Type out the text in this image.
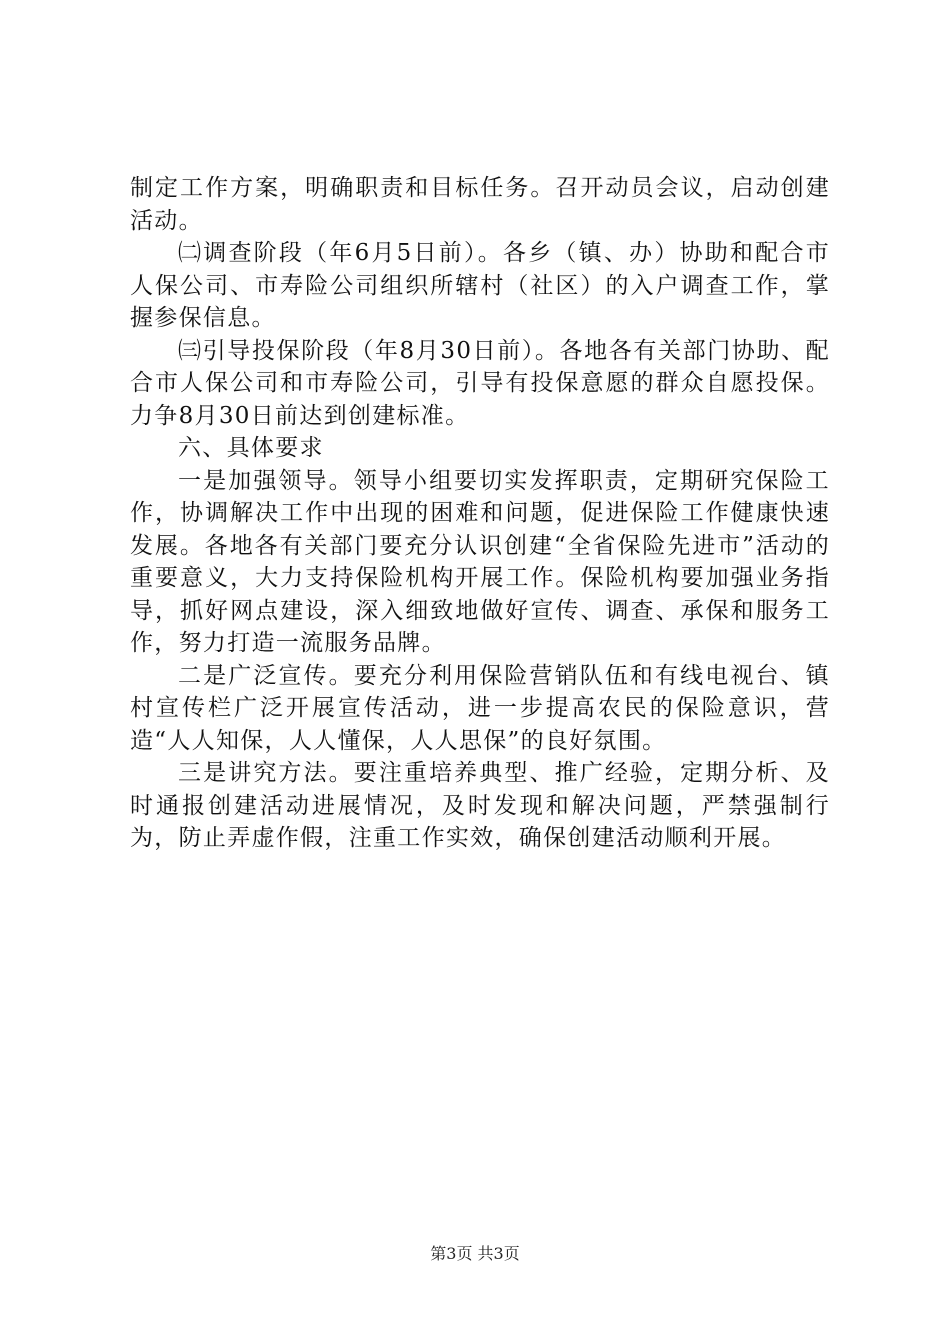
制定工作方案，明确职责和目标任务。召开动员会议，启动创建活动。

㈡调查阶段（年6月5日前）。各乡（镇、办）协助和配合市人保公司、市寿险公司组织所辖村（社区）的入户调查工作，掌握参保信息。

㈢引导投保阶段（年8月30日前）。各地各有关部门协助、配合市人保公司和市寿险公司，引导有投保意愿的群众自愿投保。力争8月30日前达到创建标准。

六、具体要求

一是加强领导。领导小组要切实发挥职责，定期研究保险工作，协调解决工作中出现的困难和问题，促进保险工作健康快速发展。各地各有关部门要充分认识创建“全省保险先进市”活动的重要意义，大力支持保险机构开展工作。保险机构要加强业务指导，抓好网点建设，深入细致地做好宣传、调查、承保和服务工作，努力打造一流服务品牌。

二是广泛宣传。要充分利用保险营销队伍和有线电视台、镇村宣传栏广泛开展宣传活动，进一步提高农民的保险意识，营造“人人知保，人人懂保，人人思保”的良好氛围。

三是讲究方法。要注重培养典型、推广经验，定期分析、及时通报创建活动进展情况，及时发现和解决问题，严禁强制行为，防止弄虚作假，注重工作实效，确保创建活动顺利开展。

第3页 共3页
